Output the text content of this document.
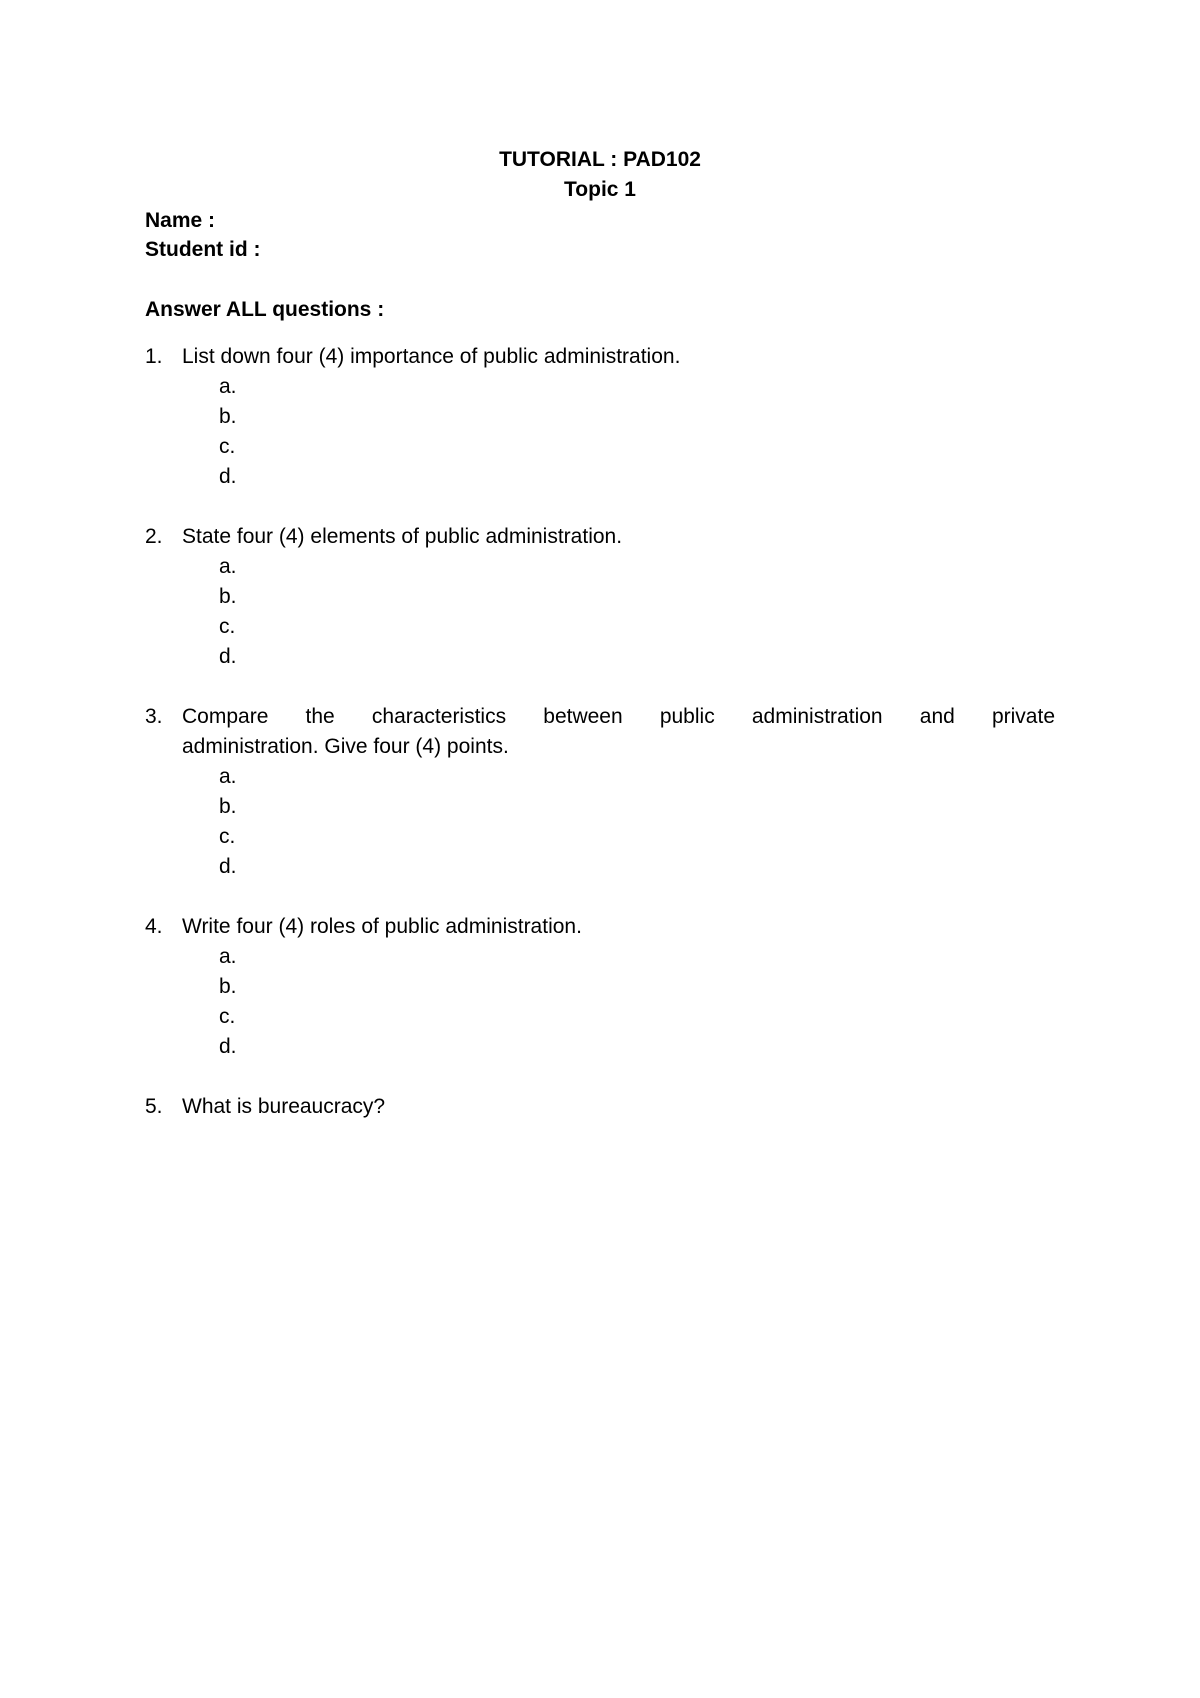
TUTORIAL : PAD102
Topic 1
Name :
Student id :
Answer ALL questions :
1. List down four (4) importance of public administration.
a.
b.
c.
d.
2. State four (4) elements of public administration.
a.
b.
c.
d.
3. Compare the characteristics between public administration and private
administration. Give four (4) points.
a.
b.
c.
d.
4. Write four (4) roles of public administration.
a.
b.
c.
d.
5. What is bureaucracy?
